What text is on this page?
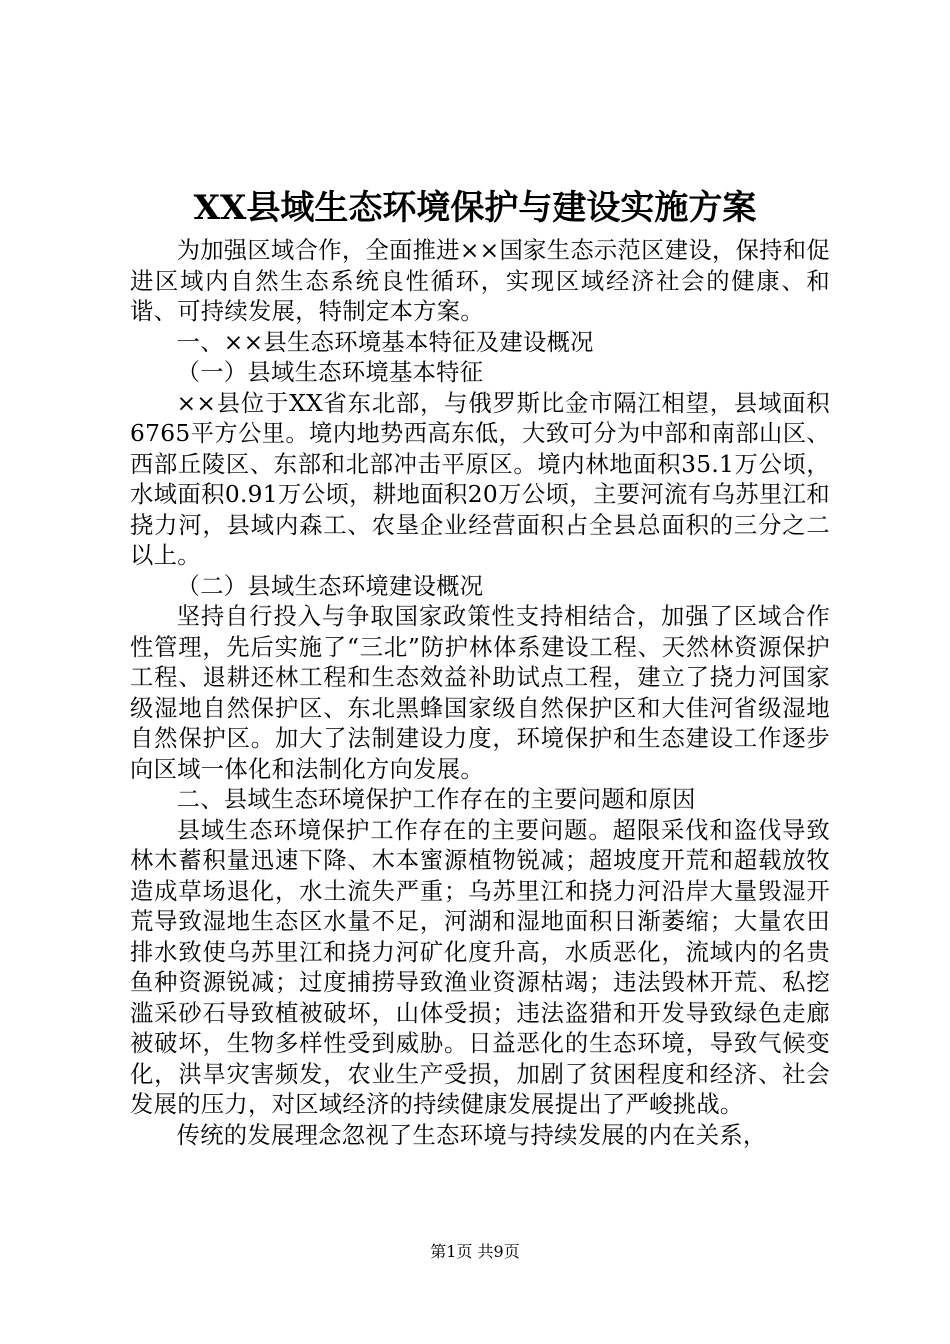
XX县域生态环境保护与建设实施方案

为加强区域合作，全面推进××国家生态示范区建设，保持和促进区域内自然生态系统良性循环，实现区域经济社会的健康、和谐、可持续发展，特制定本方案。

一、××县生态环境基本特征及建设概况

（一）县域生态环境基本特征

××县位于XX省东北部，与俄罗斯比金市隔江相望，县域面积6765平方公里。境内地势西高东低，大致可分为中部和南部山区、西部丘陵区、东部和北部冲击平原区。境内林地面积35.1万公顷，水域面积0.91万公顷，耕地面积20万公顷，主要河流有乌苏里江和挠力河，县域内森工、农垦企业经营面积占全县总面积的三分之二以上。

（二）县域生态环境建设概况

坚持自行投入与争取国家政策性支持相结合，加强了区域合作性管理，先后实施了“三北”防护林体系建设工程、天然林资源保护工程、退耕还林工程和生态效益补助试点工程，建立了挠力河国家级湿地自然保护区、东北黑蜂国家级自然保护区和大佳河省级湿地自然保护区。加大了法制建设力度，环境保护和生态建设工作逐步向区域一体化和法制化方向发展。

二、县域生态环境保护工作存在的主要问题和原因

县域生态环境保护工作存在的主要问题。超限采伐和盗伐导致林木蓄积量迅速下降、木本蜜源植物锐减；超坡度开荒和超载放牧造成草场退化，水土流失严重；乌苏里江和挠力河沿岸大量毁湿开荒导致湿地生态区水量不足，河湖和湿地面积日渐萎缩；大量农田排水致使乌苏里江和挠力河矿化度升高，水质恶化，流域内的名贵鱼种资源锐减；过度捕捞导致渔业资源枯竭；违法毁林开荒、私挖滥采砂石导致植被破坏，山体受损；违法盗猎和开发导致绿色走廊被破坏，生物多样性受到威胁。日益恶化的生态环境，导致气候变化，洪旱灾害频发，农业生产受损，加剧了贫困程度和经济、社会发展的压力，对区域经济的持续健康发展提出了严峻挑战。

传统的发展理念忽视了生态环境与持续发展的内在关系，

第1页 共9页
